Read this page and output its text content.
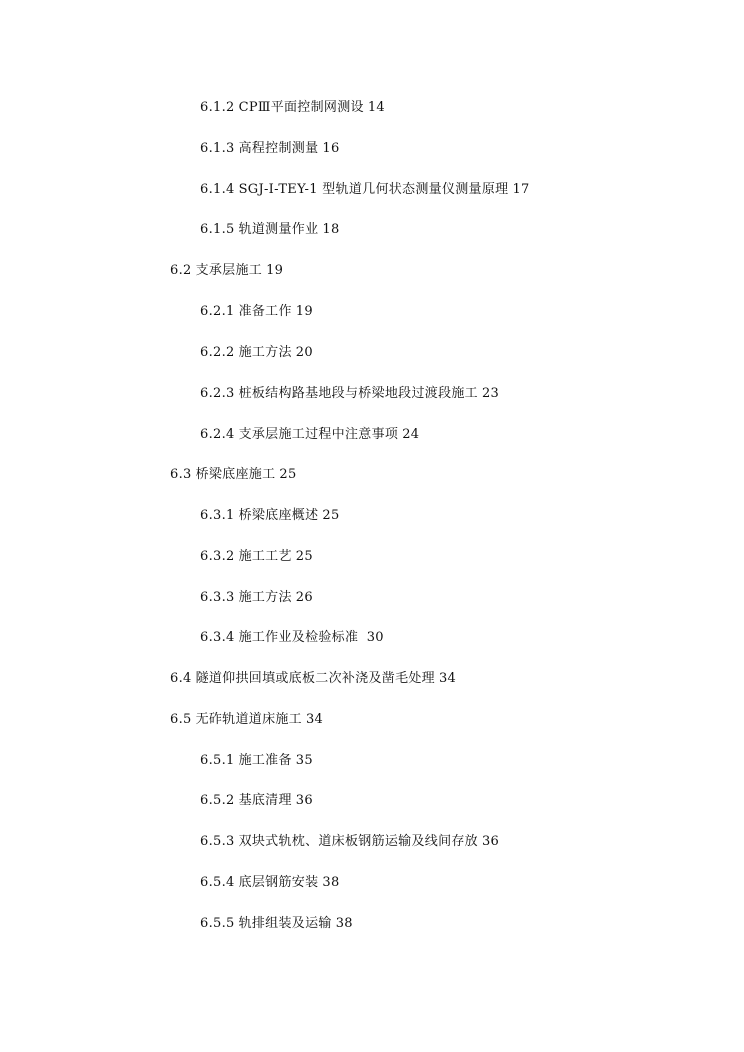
6.1.2 CPⅢ平面控制网测设 14
6.1.3 高程控制测量 16
6.1.4 SGJ-I-TEY-1 型轨道几何状态测量仪测量原理 17
6.1.5 轨道测量作业 18
6.2 支承层施工 19
6.2.1 准备工作 19
6.2.2 施工方法 20
6.2.3 桩板结构路基地段与桥梁地段过渡段施工 23
6.2.4 支承层施工过程中注意事项 24
6.3 桥梁底座施工 25
6.3.1 桥梁底座概述 25
6.3.2 施工工艺 25
6.3.3 施工方法 26
6.3.4 施工作业及检验标准 30
6.4 隧道仰拱回填或底板二次补浇及凿毛处理 34
6.5 无砟轨道道床施工 34
6.5.1 施工准备 35
6.5.2 基底清理 36
6.5.3 双块式轨枕、道床板钢筋运输及线间存放 36
6.5.4 底层钢筋安装 38
6.5.5 轨排组装及运输 38
